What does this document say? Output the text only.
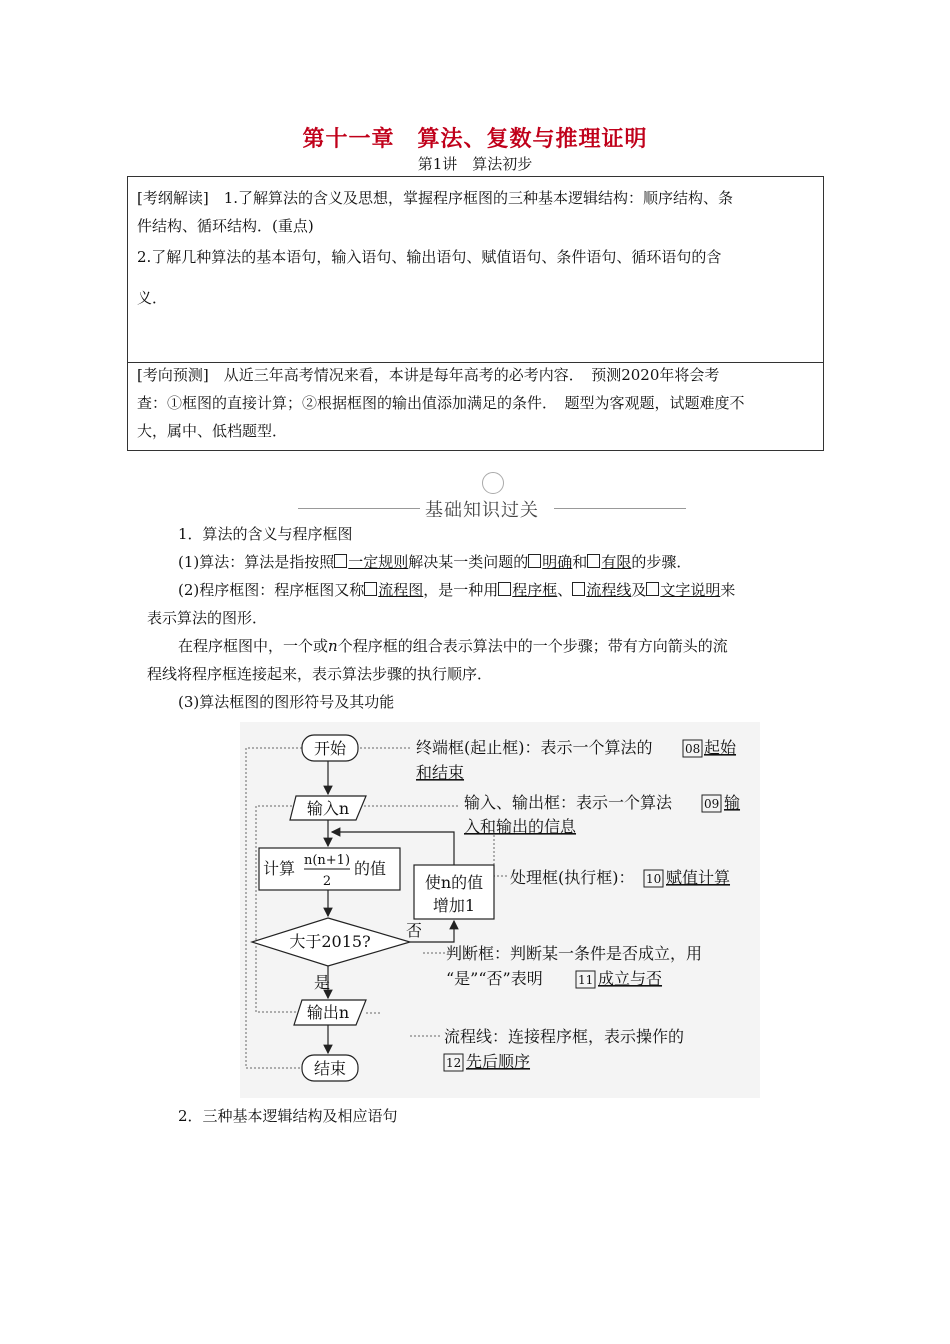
第十一章　算法、复数与推理证明
第1讲　算法初步

[考纲解读]　1.了解算法的含义及思想，掌握程序框图的三种基本逻辑结构：顺序结构、条

件结构、循环结构．(重点)

2.了解几种算法的基本语句，输入语句、输出语句、赋值语句、条件语句、循环语句的含

义．

[考向预测]　从近三年高考情况来看，本讲是每年高考的必考内容．　预测2020年将会考

查：①框图的直接计算；②根据框图的输出值添加满足的条件．　题型为客观题，试题难度不

大，属中、低档题型．

基础知识过关

1．算法的含义与程序框图

(1)算法：算法是指按照 一定规则解决某一类问题的 明确和 有限的步骤．

(2)程序框图：程序框图又称 流程图，是一种用 程序框、 流程线及 文字说明来

表示算法的图形．

在程序框图中，一个或n个程序框的组合表示算法中的一个步骤；带有方向箭头的流

程线将程序框连接起来，表示算法步骤的执行顺序．

(3)算法框图的图形符号及其功能

开始
输入n
计算 n(n+1)
2
的值
使n的值
增加1
大于2015?
否
是
输出n
结束
终端框(起止框)：表示一个算法的	08 起始
和结束
输入、输出框：表示一个算法	09 输
入和输出的信息
处理框(执行框)： 10 赋值计算
判断框：判断某一条件是否成立，用
“是”“否”表明	11 成立与否
流程线：连接程序框，表示操作的
12 先后顺序

2．三种基本逻辑结构及相应语句
